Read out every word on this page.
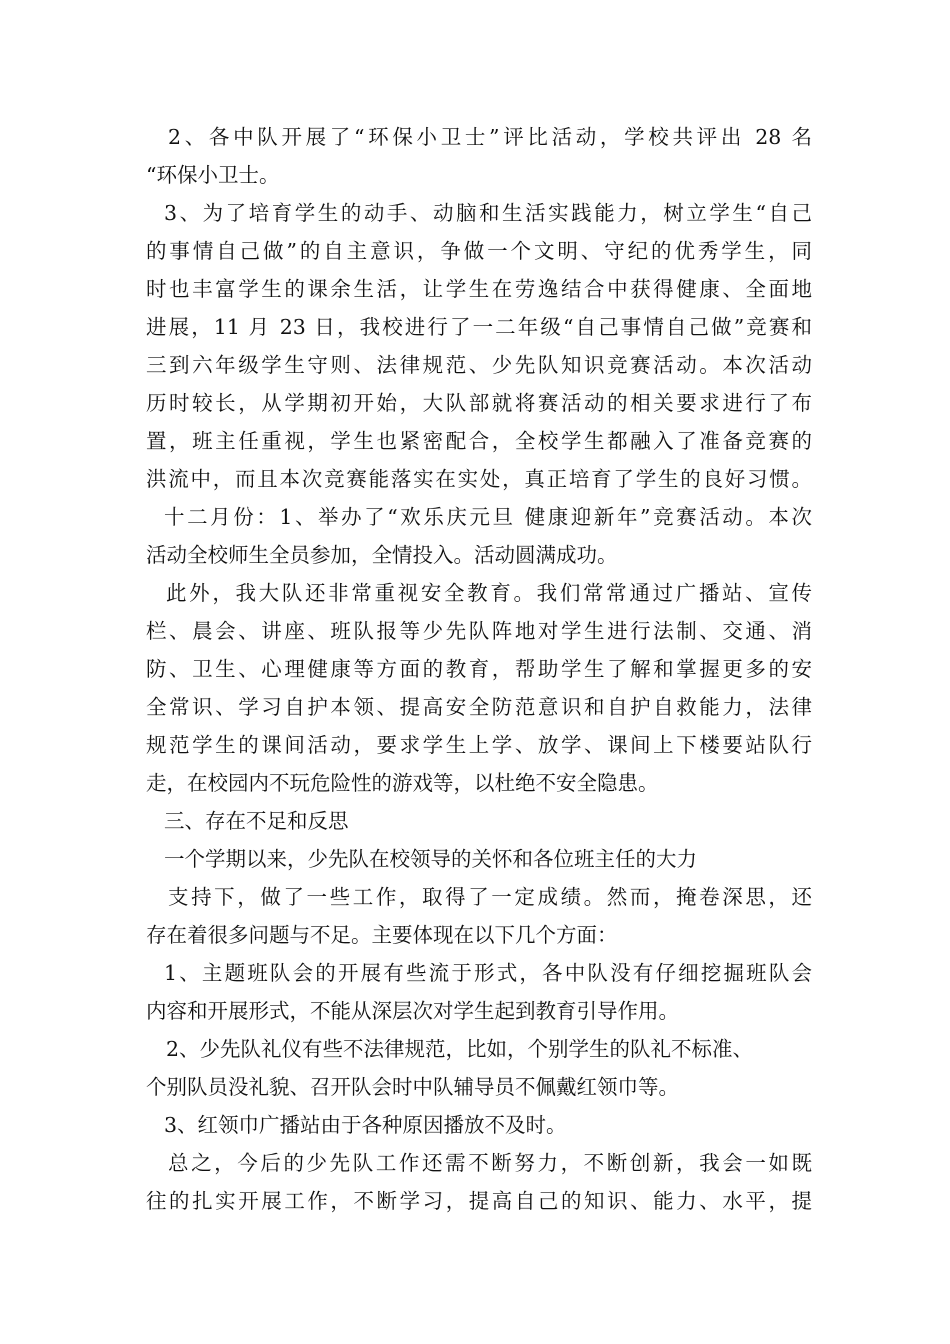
2、各中队开展了“环保小卫士”评比活动，学校共评出 28 名
“环保小卫士。
3、为了培育学生的动手、动脑和生活实践能力，树立学生“自己
的事情自己做”的自主意识，争做一个文明、守纪的优秀学生，同
时也丰富学生的课余生活，让学生在劳逸结合中获得健康、全面地
进展，11 月 23 日，我校进行了一二年级“自己事情自己做”竞赛和
三到六年级学生守则、法律规范、少先队知识竞赛活动。本次活动
历时较长，从学期初开始，大队部就将赛活动的相关要求进行了布
置，班主任重视，学生也紧密配合，全校学生都融入了准备竞赛的
洪流中，而且本次竞赛能落实在实处，真正培育了学生的良好习惯。
十二月份：1、举办了“欢乐庆元旦 健康迎新年”竞赛活动。本次
活动全校师生全员参加，全情投入。活动圆满成功。
此外，我大队还非常重视安全教育。我们常常通过广播站、宣传
栏、晨会、讲座、班队报等少先队阵地对学生进行法制、交通、消
防、卫生、心理健康等方面的教育，帮助学生了解和掌握更多的安
全常识、学习自护本领、提高安全防范意识和自护自救能力，法律
规范学生的课间活动，要求学生上学、放学、课间上下楼要站队行
走，在校园内不玩危险性的游戏等，以杜绝不安全隐患。
三、存在不足和反思
一个学期以来，少先队在校领导的关怀和各位班主任的大力
支持下，做了一些工作，取得了一定成绩。然而，掩卷深思，还
存在着很多问题与不足。主要体现在以下几个方面：
1、主题班队会的开展有些流于形式，各中队没有仔细挖掘班队会
内容和开展形式，不能从深层次对学生起到教育引导作用。
2、少先队礼仪有些不法律规范，比如，个别学生的队礼不标准、
个别队员没礼貌、召开队会时中队辅导员不佩戴红领巾等。
3、红领巾广播站由于各种原因播放不及时。
总之，今后的少先队工作还需不断努力，不断创新，我会一如既
往的扎实开展工作，不断学习，提高自己的知识、能力、水平，提
